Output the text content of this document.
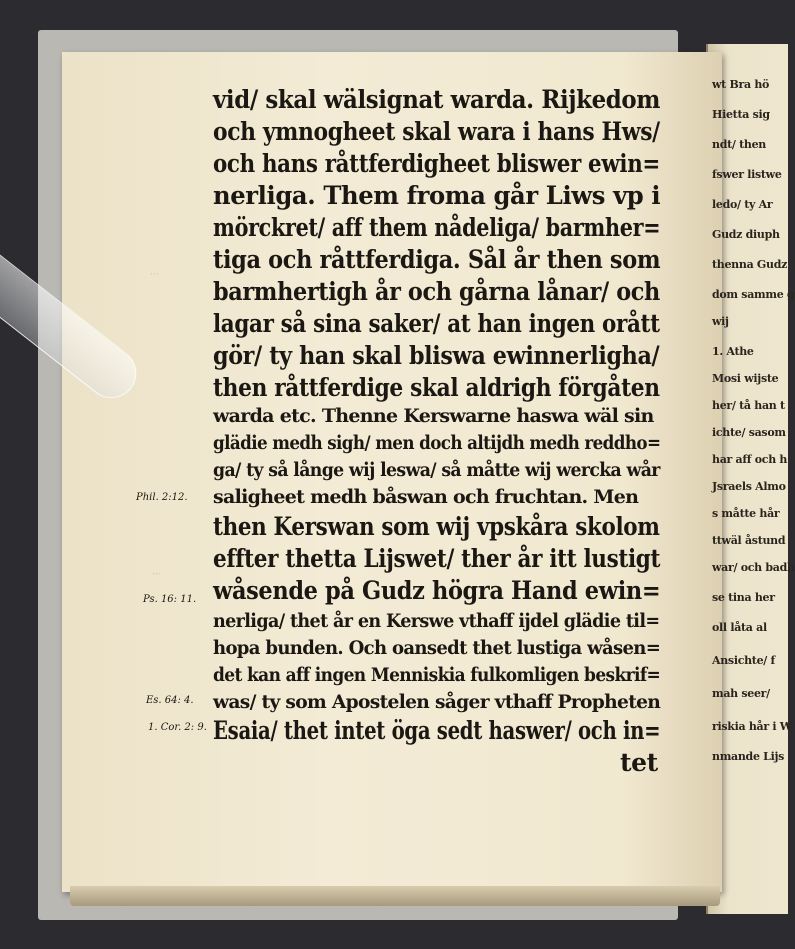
vid/ skal wälsignat warda. Rijkedom
och ymnogheet skal wara i hans Hws/
och hans råttferdigheet bliswer ewin=
nerliga. Them froma går Liws vp i
mörckret/ aff them nådeliga/ barmher=
tiga och råttferdiga. Sål år then som
barmhertigh år och gårna lånar/ och
lagar så sina saker/ at han ingen orått
gör/ ty han skal bliswa ewinnerligha/
then råttferdige skal aldrigh förgåten
warda etc. Thenne Kerswarne haswa wäl sin
glädie medh sigh/ men doch altijdh medh reddho=
ga/ ty så långe wij leswa/ så måtte wij wercka wår
saligheet medh båswan och fruchtan. Men
then Kerswan som wij vpskåra skolom
effter thetta Lijswet/ ther år itt lustigt
wåsende på Gudz högra Hand ewin=
nerliga/ thet år en Kerswe vthaff ijdel glädie til=
hopa bunden. Och oansedt thet lustiga wåsen=
det kan aff ingen Menniskia fulkomligen beskrif=
was/ ty som Apostelen såger vthaff Propheten
Esaia/ thet intet öga sedt haswer/ och in=
tet
Phil. 2:12.
Ps. 16: 11.
Es. 64: 4.
1. Cor. 2: 9.
‧‧‧
‧‧‧
wt Bra hö
Hietta sig
ndt/ then
fswer listwe
ledo/ ty Ar
Gudz diuph
thenna Gudz
dom samme g
wij
1. Athe
Mosi wijste
her/ tå han t
ichte/ sasom
har aff och h
Jsraels Almo
s måtte hår
ttwäl åstund
war/ och badh
se tina her
oll låta al
Ansichte/ f
mah seer/
riskia hår i W
nmande Lijs
